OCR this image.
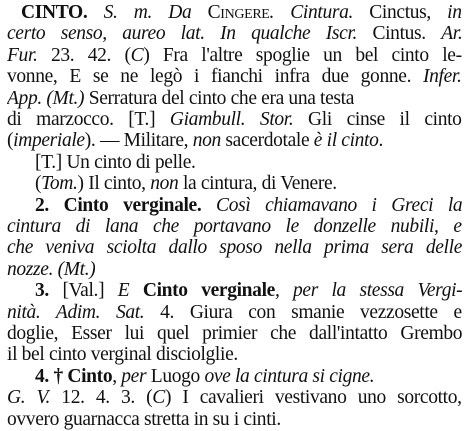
CINTO. S. m. Da Cingere. Cintura. Cinctus, in
certo senso, aureo lat. In qualche Iscr. Cintus. Ar.
Fur. 23. 42. (C) Fra l'altre spoglie un bel cinto le-
vonne, E se ne legò i fianchi infra due gonne. Infer.
App. (Mt.) Serratura del cinto che era una testa
di marzocco. [T.] Giambull. Stor. Gli cinse il cinto
(imperiale). — Militare, non sacerdotale è il cinto.
[T.] Un cinto di pelle.
(Tom.) Il cinto, non la cintura, di Venere.
2. Cinto verginale. Così chiamavano i Greci la
cintura di lana che portavano le donzelle nubili, e
che veniva sciolta dallo sposo nella prima sera delle
nozze. (Mt.)
3. [Val.] E Cinto verginale, per la stessa Vergi-
nità. Adim. Sat. 4. Giura con smanie vezzosette e
doglie, Esser lui quel primier che dall'intatto Grembo
il bel cinto verginal disciolglie.
4. † Cinto, per Luogo ove la cintura si cigne.
G. V. 12. 4. 3. (C) I cavalieri vestivano uno sorcotto,
ovvero guarnacca stretta in su i cinti.
